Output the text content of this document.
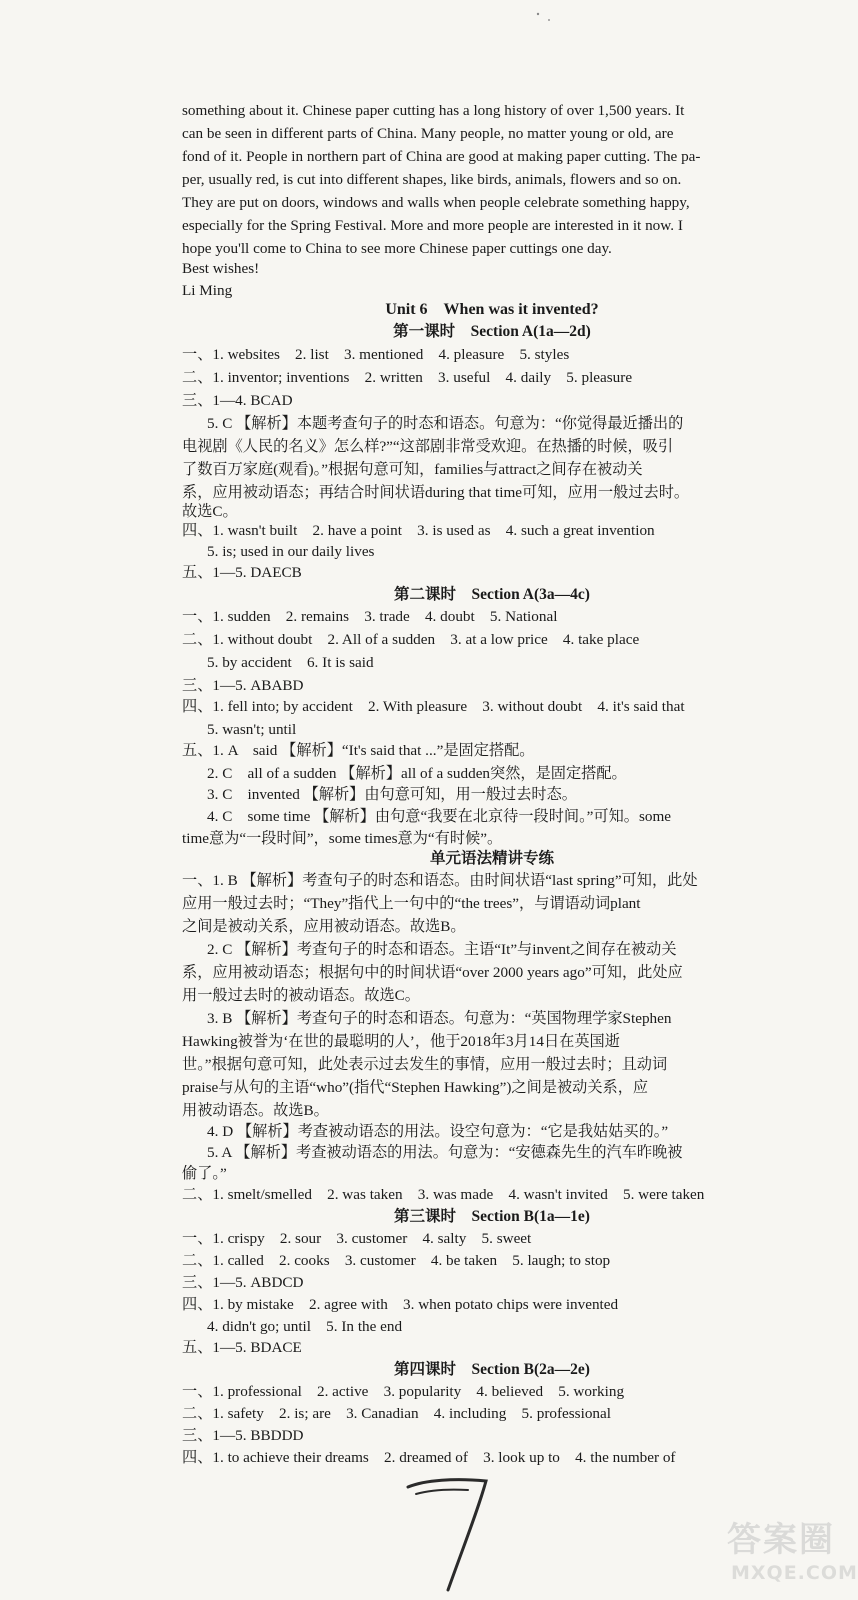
something about it. Chinese paper cutting has a long history of over 1,500 years. It
can be seen in different parts of China. Many people, no matter young or old, are
fond of it. People in northern part of China are good at making paper cutting. The pa-
per, usually red, is cut into different shapes, like birds, animals, flowers and so on.
They are put on doors, windows and walls when people celebrate something happy,
especially for the Spring Festival. More and more people are interested in it now. I
hope you'll come to China to see more Chinese paper cuttings one day.
Best wishes!
Li Ming
Unit 6　When was it invented?
第一课时　Section A(1a—2d)
一、1. websites　2. list　3. mentioned　4. pleasure　5. styles
二、1. inventor; inventions　2. written　3. useful　4. daily　5. pleasure
三、1—4. BCAD
5. C 【解析】本题考查句子的时态和语态。句意为：“你觉得最近播出的
电视剧《人民的名义》怎么样?”“这部剧非常受欢迎。在热播的时候，吸引
了数百万家庭(观看)。”根据句意可知，families与attract之间存在被动关
系，应用被动语态；再结合时间状语during that time可知，应用一般过去时。
故选C。
四、1. wasn't built　2. have a point　3. is used as　4. such a great invention
5. is; used in our daily lives
五、1—5. DAECB
第二课时　Section A(3a—4c)
一、1. sudden　2. remains　3. trade　4. doubt　5. National
二、1. without doubt　2. All of a sudden　3. at a low price　4. take place
5. by accident　6. It is said
三、1—5. ABABD
四、1. fell into; by accident　2. With pleasure　3. without doubt　4. it's said that
5. wasn't; until
五、1. A　said 【解析】“It's said that ...”是固定搭配。
2. C　all of a sudden 【解析】all of a sudden突然，是固定搭配。
3. C　invented 【解析】由句意可知，用一般过去时态。
4. C　some time 【解析】由句意“我要在北京待一段时间。”可知。some
time意为“一段时间”，some times意为“有时候”。
单元语法精讲专练
一、1. B 【解析】考查句子的时态和语态。由时间状语“last spring”可知，此处
应用一般过去时；“They”指代上一句中的“the trees”，与谓语动词plant
之间是被动关系，应用被动语态。故选B。
2. C 【解析】考查句子的时态和语态。主语“It”与invent之间存在被动关
系，应用被动语态；根据句中的时间状语“over 2000 years ago”可知，此处应
用一般过去时的被动语态。故选C。
3. B 【解析】考查句子的时态和语态。句意为：“英国物理学家Stephen
Hawking被誉为‘在世的最聪明的人’，他于2018年3月14日在英国逝
世。”根据句意可知，此处表示过去发生的事情，应用一般过去时；且动词
praise与从句的主语“who”(指代“Stephen Hawking”)之间是被动关系，应
用被动语态。故选B。
4. D 【解析】考查被动语态的用法。设空句意为：“它是我姑姑买的。”
5. A 【解析】考查被动语态的用法。句意为：“安德森先生的汽车昨晚被
偷了。”
二、1. smelt/smelled　2. was taken　3. was made　4. wasn't invited　5. were taken
第三课时　Section B(1a—1e)
一、1. crispy　2. sour　3. customer　4. salty　5. sweet
二、1. called　2. cooks　3. customer　4. be taken　5. laugh; to stop
三、1—5. ABDCD
四、1. by mistake　2. agree with　3. when potato chips were invented
4. didn't go; until　5. In the end
五、1—5. BDACE
第四课时　Section B(2a—2e)
一、1. professional　2. active　3. popularity　4. believed　5. working
二、1. safety　2. is; are　3. Canadian　4. including　5. professional
三、1—5. BBDDD
四、1. to achieve their dreams　2. dreamed of　3. look up to　4. the number of
答案圈
MXQE.COM
